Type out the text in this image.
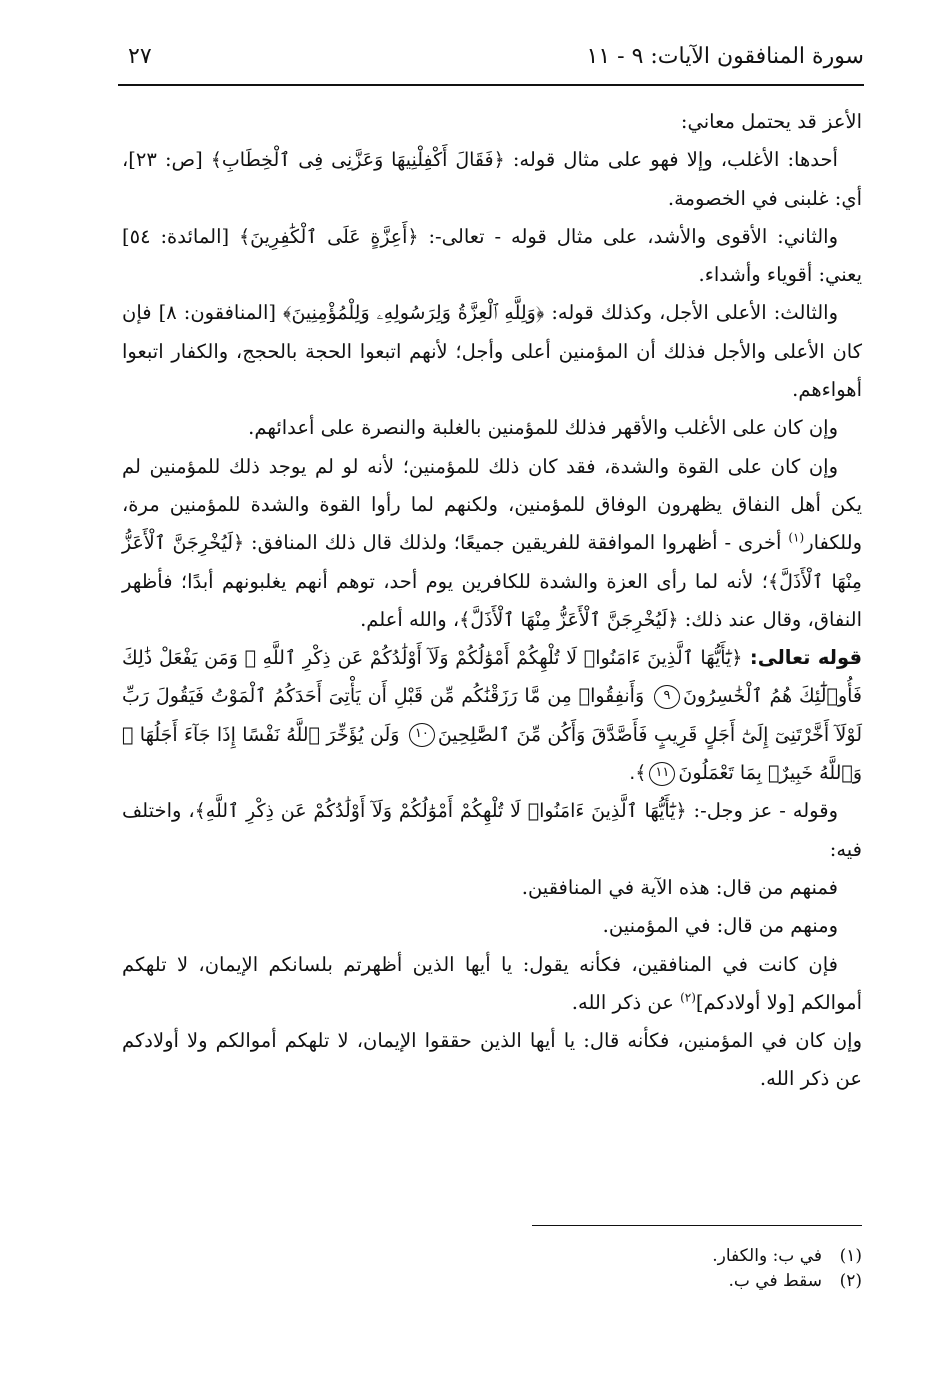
سورة المنافقون الآيات: ٩ - ١١
٢٧

الأعز قد يحتمل معاني:

أحدها: الأغلب، وإلا فهو على مثال قوله: ﴿فَقَالَ أَكْفِلْنِيهَا وَعَزَّنِى فِى ٱلْخِطَابِ﴾ [ص: ٢٣]، أي: غلبنى في الخصومة.

والثاني: الأقوى والأشد، على مثال قوله - تعالى-: ﴿أَعِزَّةٍ عَلَى ٱلْكَٰفِرِينَ﴾ [المائدة: ٥٤] يعني: أقوياء وأشداء.

والثالث: الأعلى الأجل، وكذلك قوله: ﴿وَلِلَّهِ ٱلْعِزَّةُ وَلِرَسُولِهِۦ وَلِلْمُؤْمِنِينَ﴾ [المنافقون: ٨] فإن كان الأعلى والأجل فذلك أن المؤمنين أعلى وأجل؛ لأنهم اتبعوا الحجة بالحجج، والكفار اتبعوا أهواءهم.

وإن كان على الأغلب والأقهر فذلك للمؤمنين بالغلبة والنصرة على أعدائهم.

وإن كان على القوة والشدة، فقد كان ذلك للمؤمنين؛ لأنه لو لم يوجد ذلك للمؤمنين لم يكن أهل النفاق يظهرون الوفاق للمؤمنين، ولكنهم لما رأوا القوة والشدة للمؤمنين مرة، وللكفار$^{(١)}$ أخرى - أظهروا الموافقة للفريقين جميعًا؛ ولذلك قال ذلك المنافق: ﴿لَيُخْرِجَنَّ ٱلْأَعَزُّ مِنْهَا ٱلْأَذَلَّ﴾؛ لأنه لما رأى العزة والشدة للكافرين يوم أحد، توهم أنهم يغلبونهم أبدًا؛ فأظهر النفاق، وقال عند ذلك: ﴿لَيُخْرِجَنَّ ٱلْأَعَزُّ مِنْهَا ٱلْأَذَلَّ﴾، والله أعلم.

قوله تعالى: ﴿يَٰٓأَيُّهَا ٱلَّذِينَ ءَامَنُوا۟ لَا تُلْهِكُمْ أَمْوَٰلُكُمْ وَلَآ أَوْلَٰدُكُمْ عَن ذِكْرِ ٱللَّهِ ۚ وَمَن يَفْعَلْ ذَٰلِكَ فَأُو۟لَٰٓئِكَ هُمُ ٱلْخَٰسِرُونَ٩ وَأَنفِقُوا۟ مِن مَّا رَزَقْنَٰكُم مِّن قَبْلِ أَن يَأْتِىَ أَحَدَكُمُ ٱلْمَوْتُ فَيَقُولَ رَبِّ لَوْلَآ أَخَّرْتَنِىٓ إِلَىٰٓ أَجَلٍ قَرِيبٍ فَأَصَّدَّقَ وَأَكُن مِّنَ ٱلصَّٰلِحِينَ١٠ وَلَن يُؤَخِّرَ ٱللَّهُ نَفْسًا إِذَا جَآءَ أَجَلُهَا ۚ وَٱللَّهُ خَبِيرٌۢ بِمَا تَعْمَلُونَ١١﴾.

وقوله - عز وجل-: ﴿يَٰٓأَيُّهَا ٱلَّذِينَ ءَامَنُوا۟ لَا تُلْهِكُمْ أَمْوَٰلُكُمْ وَلَآ أَوْلَٰدُكُمْ عَن ذِكْرِ ٱللَّهِ﴾، واختلف فيه:

فمنهم من قال: هذه الآية في المنافقين.

ومنهم من قال: في المؤمنين.

فإن كانت في المنافقين، فكأنه يقول: يا أيها الذين أظهرتم بلسانكم الإيمان، لا تلهكم أموالكم [ولا أولادكم]$^{(٢)}$ عن ذكر الله.

وإن كان في المؤمنين، فكأنه قال: يا أيها الذين حققوا الإيمان، لا تلهكم أموالكم ولا أولادكم عن ذكر الله.

(١)في ب: والكفار.

(٢)سقط في ب.
